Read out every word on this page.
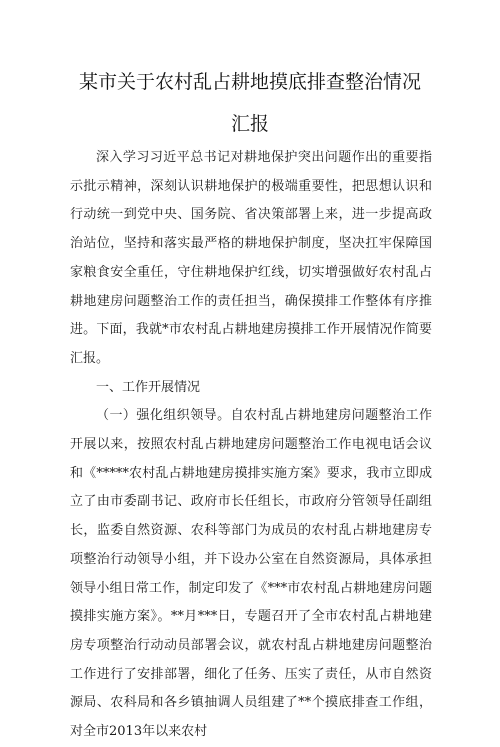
某市关于农村乱占耕地摸底排查整治情况
汇报

深入学习习近平总书记对耕地保护突出问题作出的重要指示批示精神，深刻认识耕地保护的极端重要性，把思想认识和行动统一到党中央、国务院、省决策部署上来，进一步提高政治站位，坚持和落实最严格的耕地保护制度，坚决扛牢保障国家粮食安全重任，守住耕地保护红线，切实增强做好农村乱占耕地建房问题整治工作的责任担当，确保摸排工作整体有序推进。下面，我就*市农村乱占耕地建房摸排工作开展情况作简要汇报。

一、工作开展情况

（一）强化组织领导。自农村乱占耕地建房问题整治工作开展以来，按照农村乱占耕地建房问题整治工作电视电话会议和《*****农村乱占耕地建房摸排实施方案》要求，我市立即成立了由市委副书记、政府市长任组长，市政府分管领导任副组长，监委自然资源、农科等部门为成员的农村乱占耕地建房专项整治行动领导小组，并下设办公室在自然资源局，具体承担领导小组日常工作，制定印发了《***市农村乱占耕地建房问题摸排实施方案》。**月***日，专题召开了全市农村乱占耕地建房专项整治行动动员部署会议，就农村乱占耕地建房问题整治工作进行了安排部署，细化了任务、压实了责任，从市自然资源局、农科局和各乡镇抽调人员组建了**个摸底排查工作组，对全市2013年以来农村
